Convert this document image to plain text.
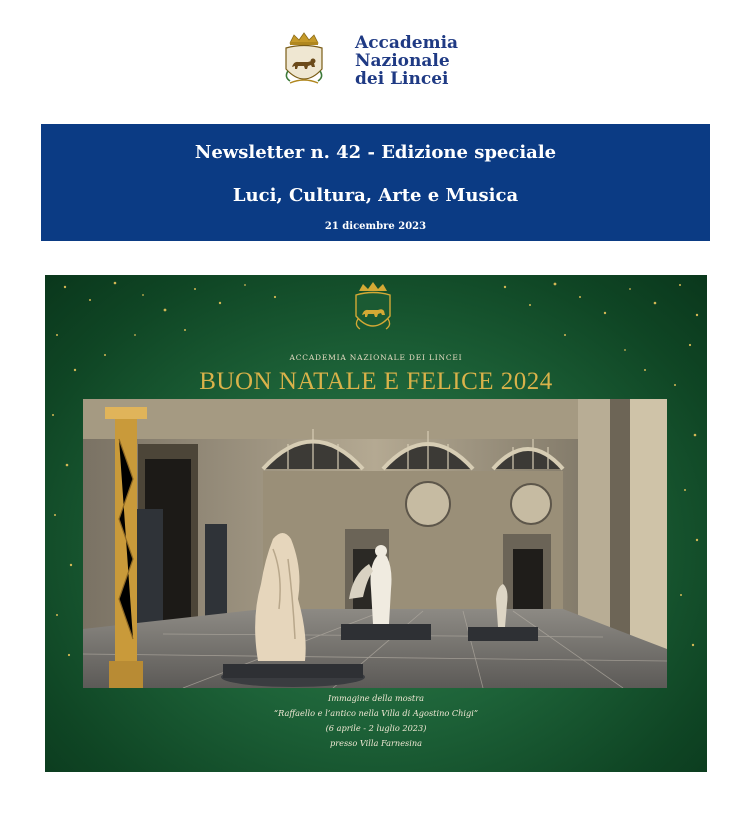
Accademia
Nazionale
dei Lincei
Newsletter n. 42 - Edizione speciale
Luci, Cultura, Arte e Musica
21 dicembre 2023
ACCADEMIA NAZIONALE DEI LINCEI
BUON NATALE E FELICE 2024
Immagine della mostra
“Raffaello e l’antico nella Villa di Agostino Chigi”
(6 aprile - 2 luglio 2023)
presso Villa Farnesina
